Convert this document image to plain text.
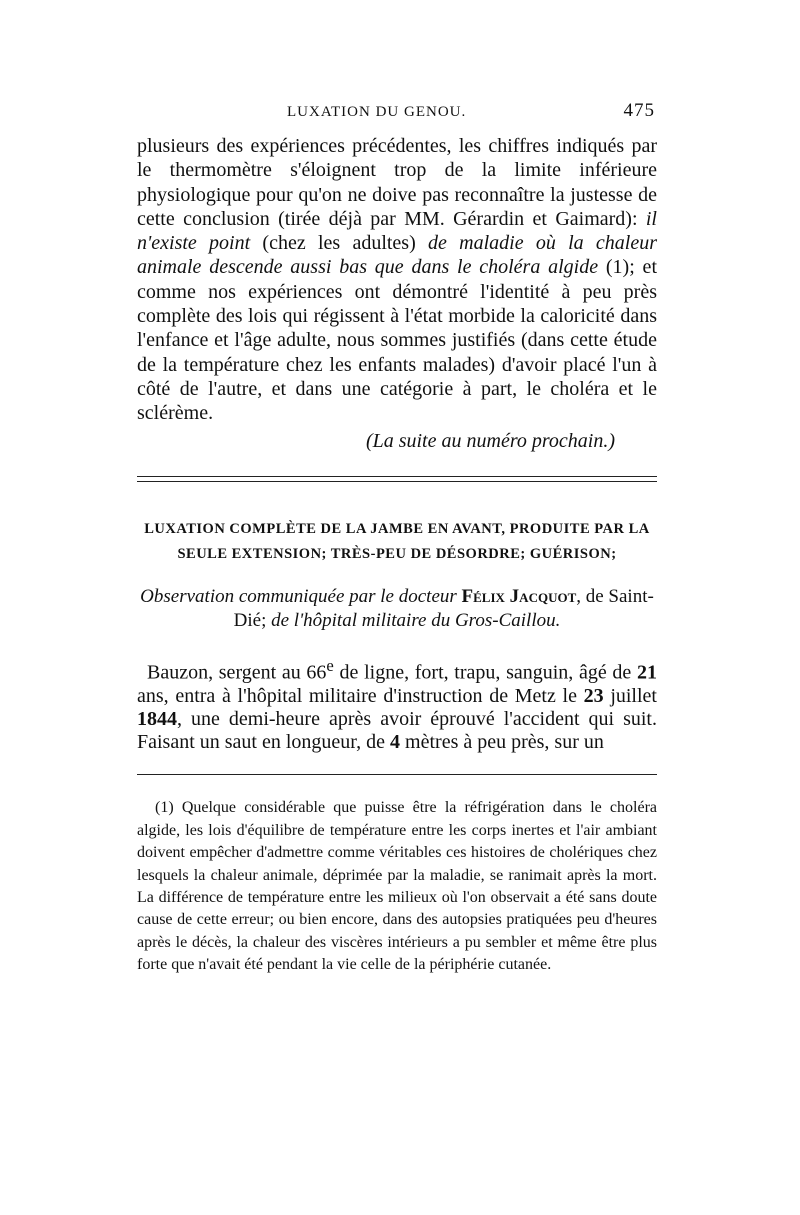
LUXATION DU GENOU.	475

plusieurs des expériences précédentes, les chiffres indiqués par le thermomètre s'éloignent trop de la limite inférieure physiologique pour qu'on ne doive pas reconnaître la justesse de cette conclusion (tirée déjà par MM. Gérardin et Gaimard): il n'existe point (chez les adultes) de maladie où la chaleur animale descende aussi bas que dans le choléra algide (1); et comme nos expériences ont démontré l'identité à peu près complète des lois qui régissent à l'état morbide la caloricité dans l'enfance et l'âge adulte, nous sommes justifiés (dans cette étude de la température chez les enfants malades) d'avoir placé l'un à côté de l'autre, et dans une catégorie à part, le choléra et le sclérème.

(La suite au numéro prochain.)

LUXATION COMPLÈTE DE LA JAMBE EN AVANT, PRODUITE PAR LA SEULE EXTENSION; TRÈS-PEU DE DÉSORDRE; GUÉRISON;
Observation communiquée par le docteur Félix Jacquot, de Saint-Dié; de l'hôpital militaire du Gros-Caillou.

Bauzon, sergent au 66e de ligne, fort, trapu, sanguin, âgé de 21 ans, entra à l'hôpital militaire d'instruction de Metz le 23 juillet 1844, une demi-heure après avoir éprouvé l'accident qui suit. Faisant un saut en longueur, de 4 mètres à peu près, sur un

(1) Quelque considérable que puisse être la réfrigération dans le choléra algide, les lois d'équilibre de température entre les corps inertes et l'air ambiant doivent empêcher d'admettre comme véritables ces histoires de cholériques chez lesquels la chaleur animale, déprimée par la maladie, se ranimait après la mort. La différence de température entre les milieux où l'on observait a été sans doute cause de cette erreur; ou bien encore, dans des autopsies pratiquées peu d'heures après le décès, la chaleur des viscères intérieurs a pu sembler et même être plus forte que n'avait été pendant la vie celle de la périphérie cutanée.
